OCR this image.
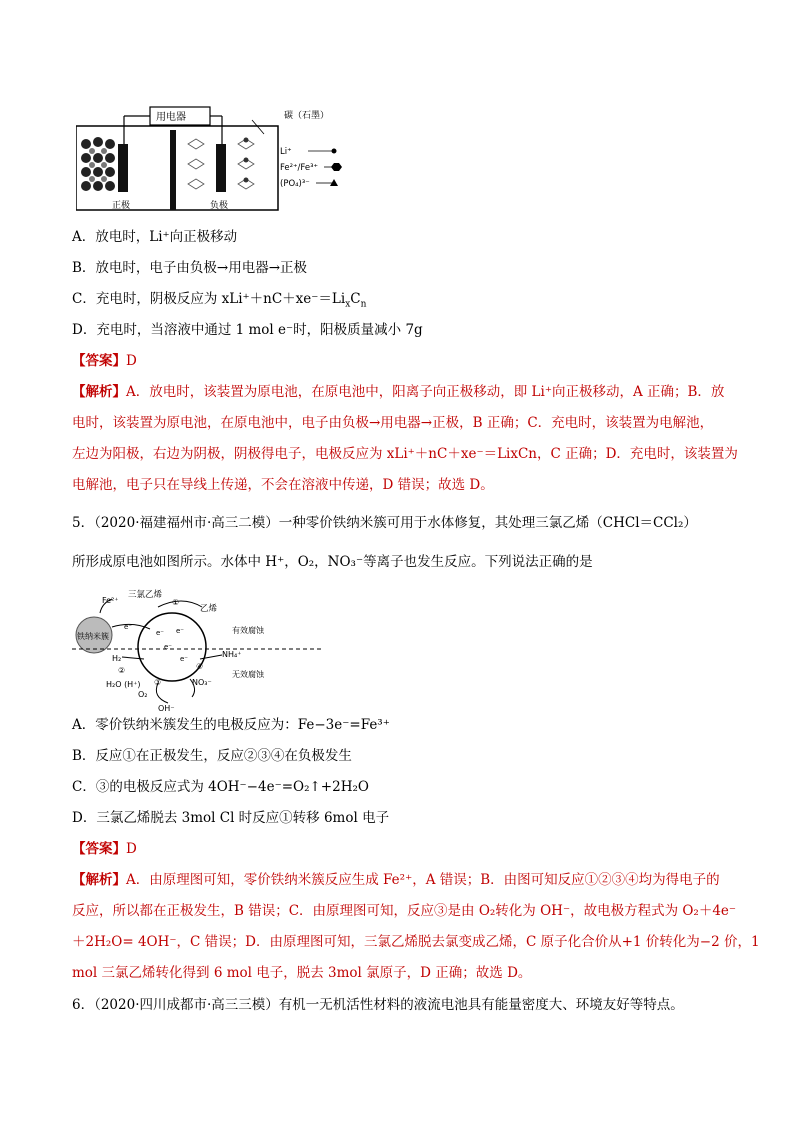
用电器	碳（石墨）
正极	负极
Li⁺
Fe²⁺/Fe³⁺
(PO₄)³⁻
A．放电时，Li⁺向正极移动
B．放电时，电子由负极→用电器→正极
C．充电时，阴极反应为 $xLi^++nC+xe^-=Li_xC_n$
D．充电时，当溶液中通过 1 mol e⁻时，阳极质量减小 7g
【答案】D
【解析】A．放电时，该装置为原电池，在原电池中，阳离子向正极移动，即 Li⁺向正极移动，A 正确；B．放
电时，该装置为原电池，在原电池中，电子由负极→用电器→正极，B 正确；C．充电时，该装置为电解池，
左边为阳极，右边为阴极，阴极得电子，电极反应为 xLi⁺＋nC＋xe⁻＝LixCn，C 正确；D．充电时，该装置为
电解池，电子只在导线上传递，不会在溶液中传递，D 错误；故选 D。
5．（2020·福建福州市·高三二模）一种零价铁纳米簇可用于水体修复，其处理三氯乙烯（CHCl＝CCl₂）
所形成原电池如图所示。水体中 H⁺，O₂，NO₃⁻等离子也发生反应。下列说法正确的是
铁纳米簇
Fe²⁺
三氯乙烯
乙烯
①
e⁻
e⁻ e⁻
e⁻
e⁻
有效腐蚀
无效腐蚀
H₂
②
H₂O (H⁺) ③
O₂
OH⁻
④
NO₃⁻
NH₄⁺
A．零价铁纳米簇发生的电极反应为：Fe−3e⁻=Fe³⁺
B．反应①在正极发生，反应②③④在负极发生
C．③的电极反应式为 4OH⁻−4e⁻=O₂↑+2H₂O
D．三氯乙烯脱去 3mol Cl 时反应①转移 6mol 电子
【答案】D
【解析】A．由原理图可知，零价铁纳米簇反应生成 Fe²⁺，A 错误；B．由图可知反应①②③④均为得电子的
反应，所以都在正极发生，B 错误；C．由原理图可知，反应③是由 O₂转化为 OH⁻，故电极方程式为 O₂＋4e⁻
＋2H₂O= 4OH⁻，C 错误；D．由原理图可知，三氯乙烯脱去氯变成乙烯，C 原子化合价从+1 价转化为−2 价，1
mol 三氯乙烯转化得到 6 mol 电子，脱去 3mol 氯原子，D 正确；故选 D。
6．（2020·四川成都市·高三三模）有机一无机活性材料的液流电池具有能量密度大、环境友好等特点。
